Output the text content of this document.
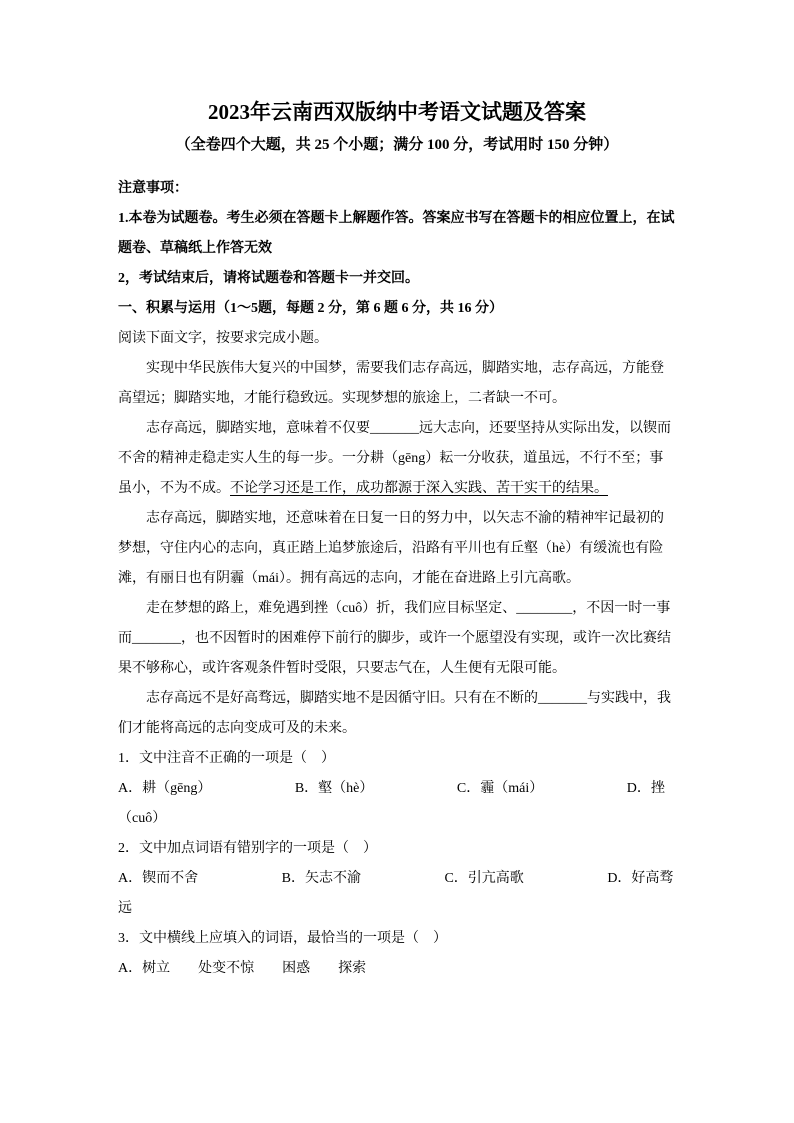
2023年云南西双版纳中考语文试题及答案
（全卷四个大题，共 25 个小题；满分 100 分，考试用时 150 分钟）

注意事项：

1.本卷为试题卷。考生必须在答题卡上解题作答。答案应书写在答题卡的相应位置上，在试题卷、草稿纸上作答无效

2，考试结束后，请将试题卷和答题卡一并交回。

一、积累与运用（1～5题，每题 2 分，第 6 题 6 分，共 16 分）

阅读下面文字，按要求完成小题。

实现中华民族伟大复兴的中国梦，需要我们志存高远，脚踏实地，志存高远，方能登高望远；脚踏实地，才能行稳致远。实现梦想的旅途上，二者缺一不可。

志存高远，脚踏实地，意味着不仅要_______远大志向，还要坚持从实际出发，以锲而不舍的精神走稳走实人生的每一步。一分耕（gēng）耘一分收获，道虽远，不行不至；事虽小，不为不成。不论学习还是工作，成功都源于深入实践、苦干实干的结果。

志存高远，脚踏实地，还意味着在日复一日的努力中，以矢志不渝的精神牢记最初的梦想，守住内心的志向，真正踏上追梦旅途后，沿路有平川也有丘壑（hè）有缓流也有险滩，有丽日也有阴霾（mái）。拥有高远的志向，才能在奋进路上引亢高歌。

走在梦想的路上，难免遇到挫（cuô）折，我们应目标坚定、________，不因一时一事而_______，也不因暂时的困难停下前行的脚步，或许一个愿望没有实现，或许一次比赛结果不够称心，或许客观条件暂时受限，只要志气在，人生便有无限可能。

志存高远不是好高骛远，脚踏实地不是因循守旧。只有在不断的_______与实践中，我们才能将高远的志向变成可及的未来。

1．文中注音不正确的一项是（　）

A．耕（gēng）	B．壑（hè）	C．霾（mái）	D．挫（cuô）

2．文中加点词语有错别字的一项是（　）

A．锲而不舍	B．矢志不渝	C．引亢高歌	D．好高骛远

3．文中横线上应填入的词语，最恰当的一项是（　）

A．树立　　处变不惊　　困惑　　探索
